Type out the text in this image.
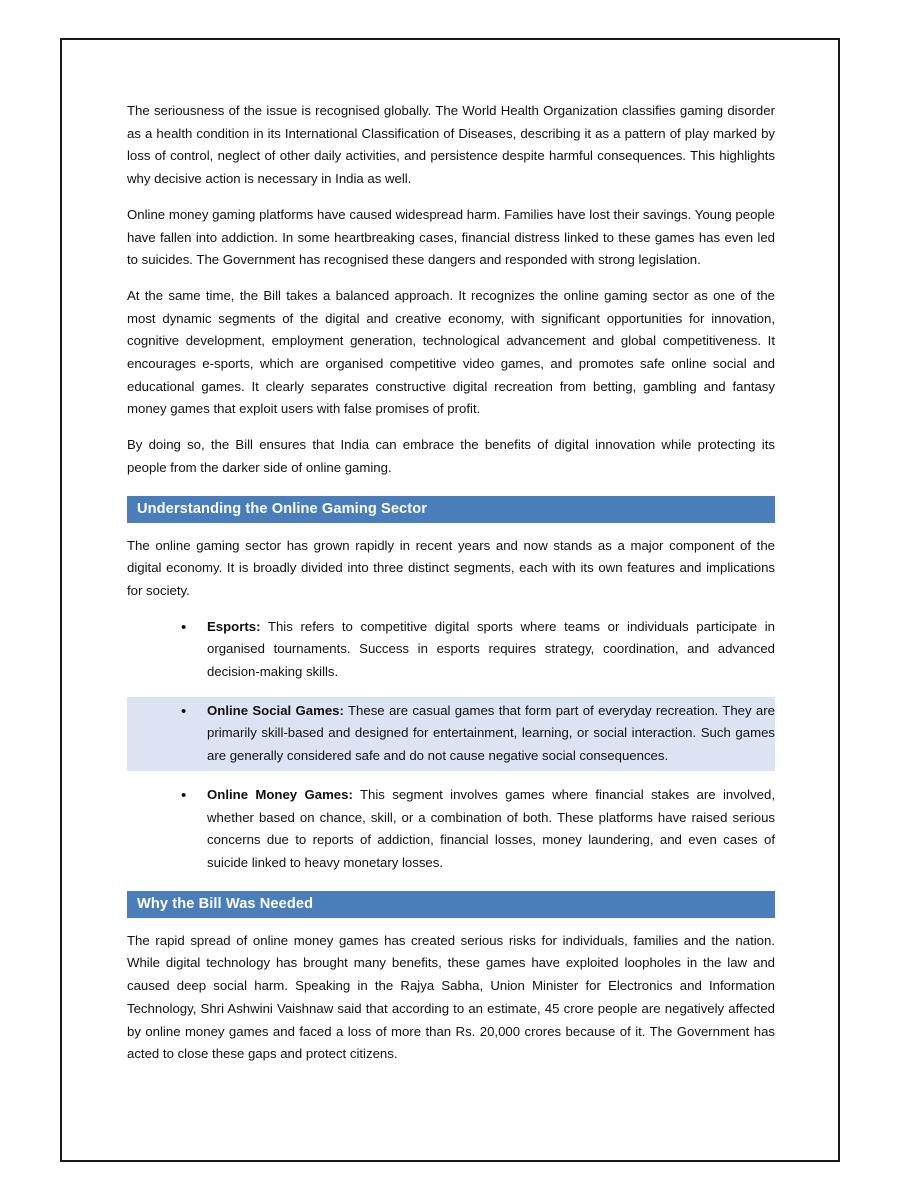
The seriousness of the issue is recognised globally. The World Health Organization classifies gaming disorder as a health condition in its International Classification of Diseases, describing it as a pattern of play marked by loss of control, neglect of other daily activities, and persistence despite harmful consequences. This highlights why decisive action is necessary in India as well.

Online money gaming platforms have caused widespread harm. Families have lost their savings. Young people have fallen into addiction. In some heartbreaking cases, financial distress linked to these games has even led to suicides. The Government has recognised these dangers and responded with strong legislation.

At the same time, the Bill takes a balanced approach. It recognizes the online gaming sector as one of the most dynamic segments of the digital and creative economy, with significant opportunities for innovation, cognitive development, employment generation, technological advancement and global competitiveness. It encourages e-sports, which are organised competitive video games, and promotes safe online social and educational games. It clearly separates constructive digital recreation from betting, gambling and fantasy money games that exploit users with false promises of profit.

By doing so, the Bill ensures that India can embrace the benefits of digital innovation while protecting its people from the darker side of online gaming.

Understanding the Online Gaming Sector

The online gaming sector has grown rapidly in recent years and now stands as a major component of the digital economy. It is broadly divided into three distinct segments, each with its own features and implications for society.

• Esports: This refers to competitive digital sports where teams or individuals participate in organised tournaments. Success in esports requires strategy, coordination, and advanced decision-making skills.
• Online Social Games: These are casual games that form part of everyday recreation. They are primarily skill-based and designed for entertainment, learning, or social interaction. Such games are generally considered safe and do not cause negative social consequences.
• Online Money Games: This segment involves games where financial stakes are involved, whether based on chance, skill, or a combination of both. These platforms have raised serious concerns due to reports of addiction, financial losses, money laundering, and even cases of suicide linked to heavy monetary losses.
Why the Bill Was Needed

The rapid spread of online money games has created serious risks for individuals, families and the nation. While digital technology has brought many benefits, these games have exploited loopholes in the law and caused deep social harm. Speaking in the Rajya Sabha, Union Minister for Electronics and Information Technology, Shri Ashwini Vaishnaw said that according to an estimate, 45 crore people are negatively affected by online money games and faced a loss of more than Rs. 20,000 crores because of it. The Government has acted to close these gaps and protect citizens.
